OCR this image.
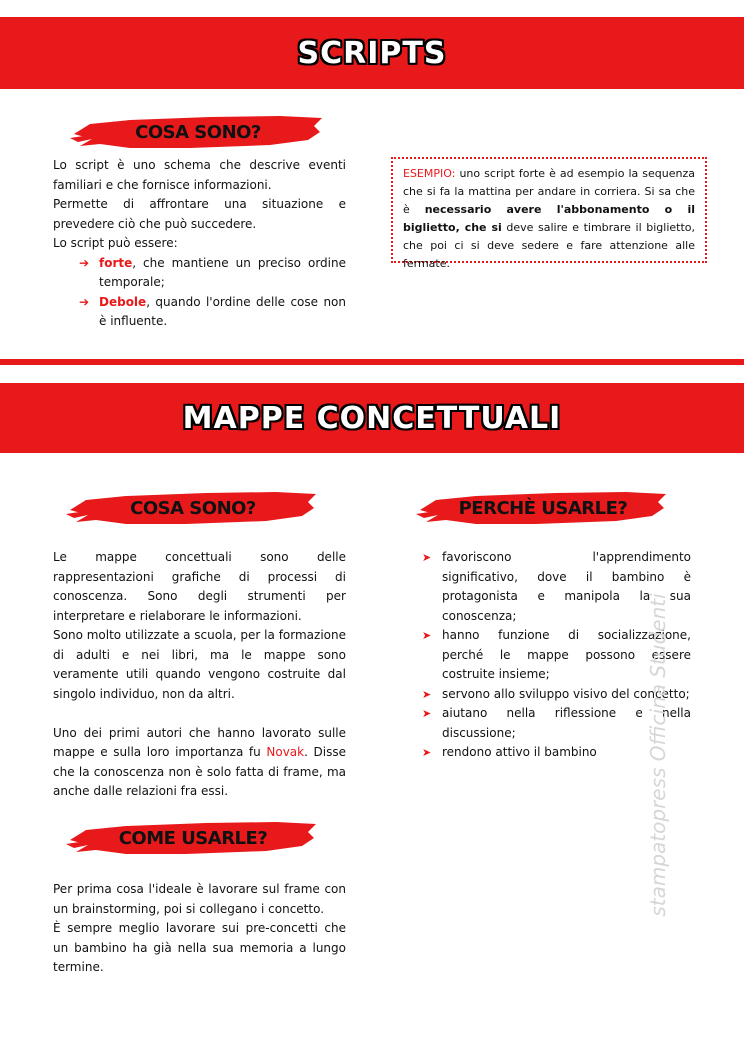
SCRIPTS
COSA SONO?

Lo script è uno schema che descrive eventi familiari e che fornisce informazioni.

Permette di affrontare una situazione e prevedere ciò che può succedere.

Lo script può essere:

➔ forte, che mantiene un preciso ordine temporale;
➔ Debole, quando l'ordine delle cose non è influente.
ESEMPIO: uno script forte è ad esempio la sequenza che si fa la mattina per andare in corriera. Si sa che è necessario avere l'abbonamento o il biglietto, che si deve salire e timbrare il biglietto, che poi ci si deve sedere e fare attenzione alle fermate.
MAPPE CONCETTUALI
COSA SONO?	PERCHÈ USARLE?

Le mappe concettuali sono delle rappresentazioni grafiche di processi di conoscenza. Sono degli strumenti per interpretare e rielaborare le informazioni.

Sono molto utilizzate a scuola, per la formazione di adulti e nei libri, ma le mappe sono veramente utili quando vengono costruite dal singolo individuo, non da altri.

Uno dei primi autori che hanno lavorato sulle mappe e sulla loro importanza fu Novak. Disse che la conoscenza non è solo fatta di frame, ma anche dalle relazioni fra essi.

➤ favoriscono l'apprendimento significativo, dove il bambino è protagonista e manipola la sua conoscenza;
➤ hanno funzione di socializzazione, perché le mappe possono essere costruite insieme;
➤ servono allo sviluppo visivo del concetto;
➤ aiutano nella riflessione e nella discussione;
➤ rendono attivo il bambino
COME USARLE?

Per prima cosa l'ideale è lavorare sul frame con un brainstorming, poi si collegano i concetto.

È sempre meglio lavorare sui pre-concetti che un bambino ha già nella sua memoria a lungo termine.

stampatopress Officina Studenti
